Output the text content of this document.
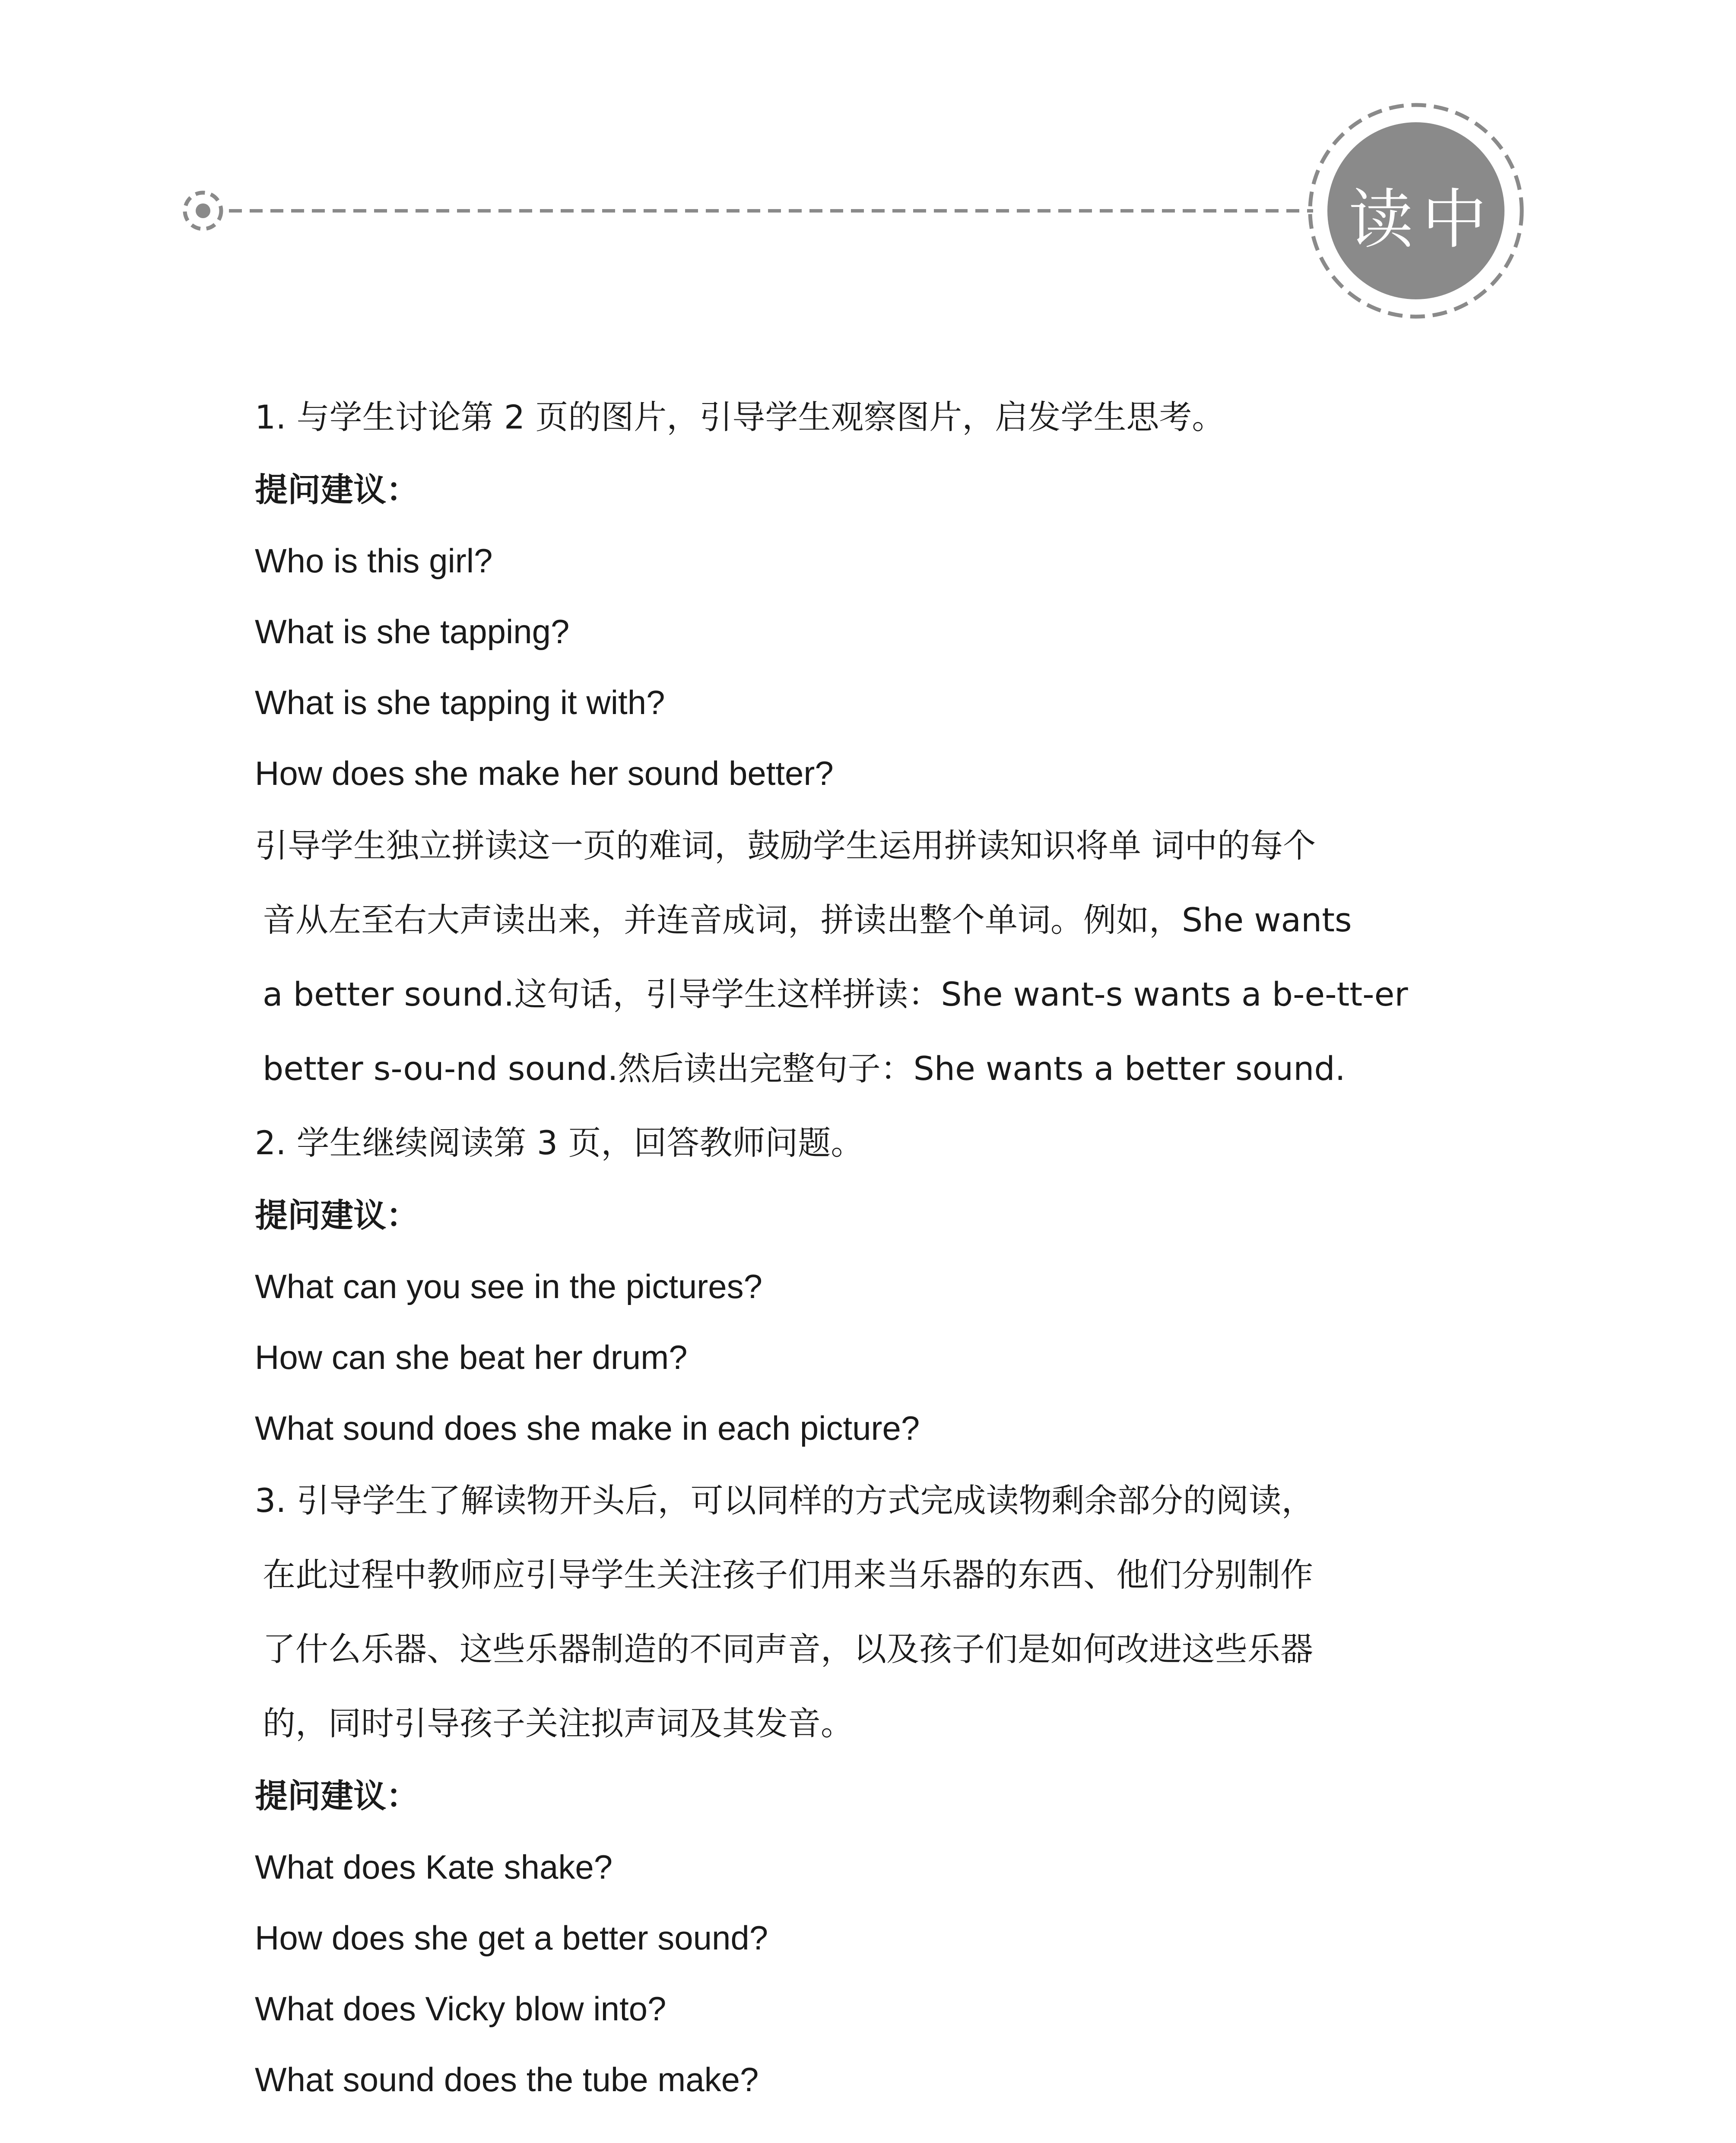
读中
1. 与学生讨论第 2 页的图片，引导学生观察图片，启发学生思考。
提问建议：
Who is this girl?
What is she tapping?
What is she tapping it with?
How does she make her sound better?
引导学生独立拼读这一页的难词，鼓励学生运用拼读知识将单 词中的每个
音从左至右大声读出来，并连音成词，拼读出整个单词。例如，She wants
a better sound.这句话，引导学生这样拼读：She want-s wants a b-e-tt-er
better s-ou-nd sound.然后读出完整句子：She wants a better sound.
2. 学生继续阅读第 3 页，回答教师问题。
提问建议：
What can you see in the pictures?
How can she beat her drum?
What sound does she make in each picture?
3. 引导学生了解读物开头后，可以同样的方式完成读物剩余部分的阅读，
在此过程中教师应引导学生关注孩子们用来当乐器的东西、他们分别制作
了什么乐器、这些乐器制造的不同声音，以及孩子们是如何改进这些乐器
的，同时引导孩子关注拟声词及其发音。
提问建议：
What does Kate shake?
How does she get a better sound?
What does Vicky blow into?
What sound does the tube make?
